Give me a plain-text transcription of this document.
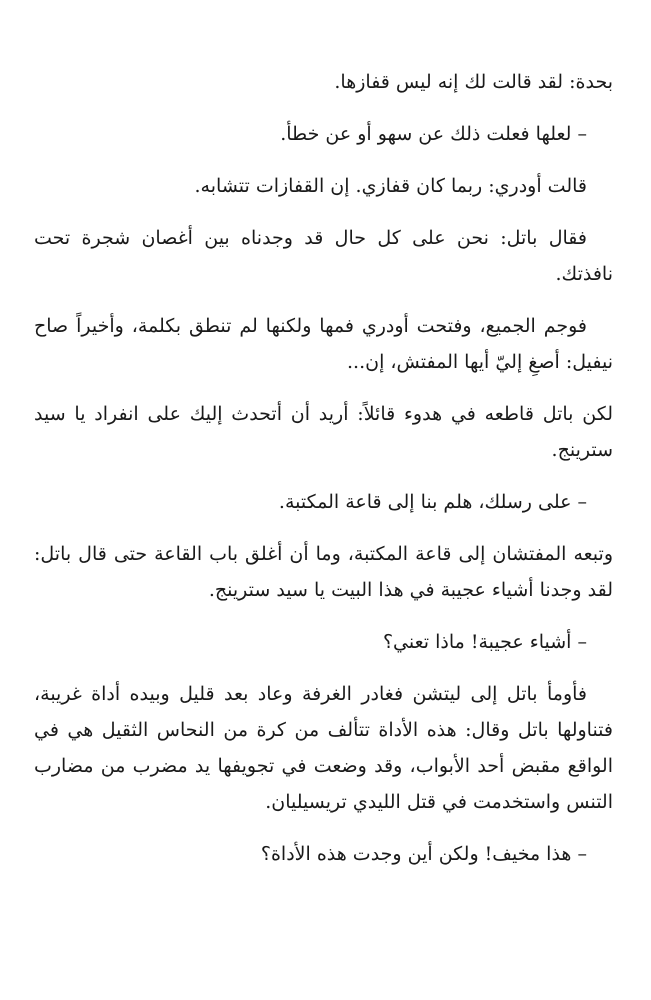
بحدة: لقد قالت لك إنه ليس قفازها.

– لعلها فعلت ذلك عن سهو أو عن خطأ.

قالت أودري: ربما كان قفازي. إن القفازات تتشابه.

فقال باتل: نحن على كل حال قد وجدناه بين أغصان شجرة تحت نافذتك.

فوجم الجميع، وفتحت أودري فمها ولكنها لم تنطق بكلمة، وأخيراً صاح نيفيل: أصغِ إليّ أيها المفتش، إن...

لكن باتل قاطعه في هدوء قائلاً: أريد أن أتحدث إليك على انفراد يا سيد سترينج.

– على رسلك، هلم بنا إلى قاعة المكتبة.

وتبعه المفتشان إلى قاعة المكتبة، وما أن أغلق باب القاعة حتى قال باتل: لقد وجدنا أشياء عجيبة في هذا البيت يا سيد سترينج.

– أشياء عجيبة! ماذا تعني؟

فأومأ باتل إلى ليتشن فغادر الغرفة وعاد بعد قليل وبيده أداة غريبة، فتناولها باتل وقال: هذه الأداة تتألف من كرة من النحاس الثقيل هي في الواقع مقبض أحد الأبواب، وقد وضعت في تجويفها يد مضرب من مضارب التنس واستخدمت في قتل الليدي تريسيليان.

– هذا مخيف! ولكن أين وجدت هذه الأداة؟
